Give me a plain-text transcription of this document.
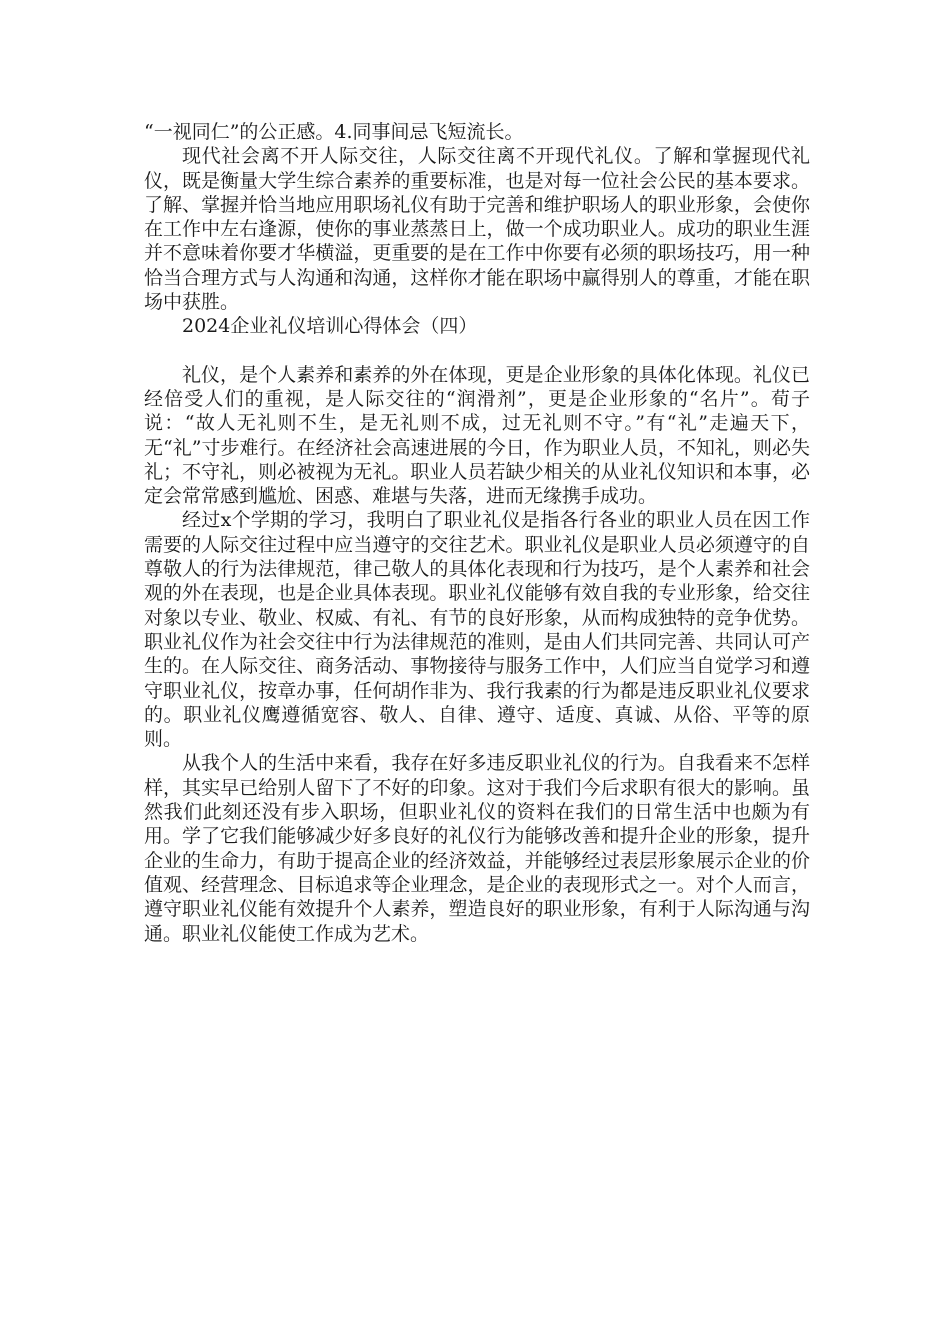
“一视同仁”的公正感。4.同事间忌飞短流长。

现代社会离不开人际交往，人际交往离不开现代礼仪。了解和掌握现代礼仪，既是衡量大学生综合素养的重要标准，也是对每一位社会公民的基本要求。了解、掌握并恰当地应用职场礼仪有助于完善和维护职场人的职业形象，会使你在工作中左右逢源，使你的事业蒸蒸日上，做一个成功职业人。成功的职业生涯并不意味着你要才华横溢，更重要的是在工作中你要有必须的职场技巧，用一种恰当合理方式与人沟通和沟通，这样你才能在职场中赢得别人的尊重，才能在职场中获胜。

2024企业礼仪培训心得体会（四）

礼仪，是个人素养和素养的外在体现，更是企业形象的具体化体现。礼仪已经倍受人们的重视，是人际交往的“润滑剂”，更是企业形象的“名片”。荀子说：“故人无礼则不生，是无礼则不成，过无礼则不守。”有“礼”走遍天下，无“礼”寸步难行。在经济社会高速进展的今日，作为职业人员，不知礼，则必失礼；不守礼，则必被视为无礼。职业人员若缺少相关的从业礼仪知识和本事，必定会常常感到尴尬、困惑、难堪与失落，进而无缘携手成功。

经过x个学期的学习，我明白了职业礼仪是指各行各业的职业人员在因工作需要的人际交往过程中应当遵守的交往艺术。职业礼仪是职业人员必须遵守的自尊敬人的行为法律规范，律己敬人的具体化表现和行为技巧，是个人素养和社会观的外在表现，也是企业具体表现。职业礼仪能够有效自我的专业形象，给交往对象以专业、敬业、权威、有礼、有节的良好形象，从而构成独特的竞争优势。职业礼仪作为社会交往中行为法律规范的准则，是由人们共同完善、共同认可产生的。在人际交往、商务活动、事物接待与服务工作中，人们应当自觉学习和遵守职业礼仪，按章办事，任何胡作非为、我行我素的行为都是违反职业礼仪要求的。职业礼仪鹰遵循宽容、敬人、自律、遵守、适度、真诚、从俗、平等的原则。

从我个人的生活中来看，我存在好多违反职业礼仪的行为。自我看来不怎样样，其实早已给别人留下了不好的印象。这对于我们今后求职有很大的影响。虽然我们此刻还没有步入职场，但职业礼仪的资料在我们的日常生活中也颇为有用。学了它我们能够减少好多良好的礼仪行为能够改善和提升企业的形象，提升企业的生命力，有助于提高企业的经济效益，并能够经过表层形象展示企业的价值观、经营理念、目标追求等企业理念，是企业的表现形式之一。对个人而言，遵守职业礼仪能有效提升个人素养，塑造良好的职业形象，有利于人际沟通与沟通。职业礼仪能使工作成为艺术。
